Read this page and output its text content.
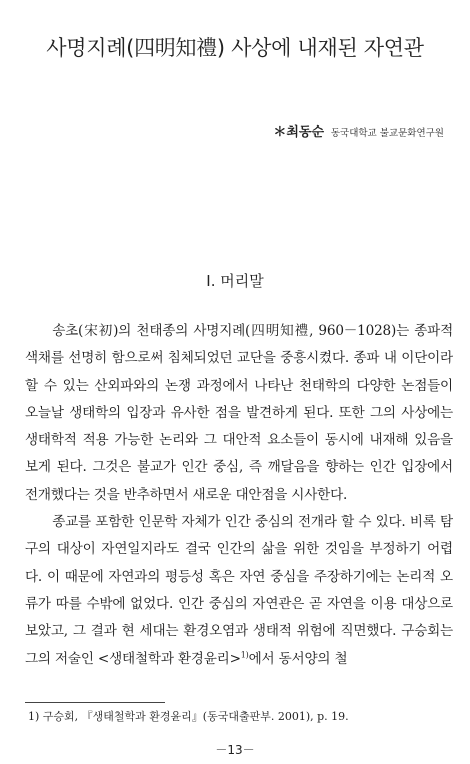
사명지례(四明知禮) 사상에 내재된 자연관
＊최동순 동국대학교 불교문화연구원
I. 머리말

송초(宋初)의 천태종의 사명지례(四明知禮, 960－1028)는 종파적 색채를 선명히 함으로써 침체되었던 교단을 중흥시켰다. 종파 내 이단이라 할 수 있는 산외파와의 논쟁 과정에서 나타난 천태학의 다양한 논점들이 오늘날 생태학의 입장과 유사한 점을 발견하게 된다. 또한 그의 사상에는 생태학적 적용 가능한 논리와 그 대안적 요소들이 동시에 내재해 있음을 보게 된다. 그것은 불교가 인간 중심, 즉 깨달음을 향하는 인간 입장에서 전개했다는 것을 반추하면서 새로운 대안점을 시사한다.

종교를 포함한 인문학 자체가 인간 중심의 전개라 할 수 있다. 비록 탐구의 대상이 자연일지라도 결국 인간의 삶을 위한 것임을 부정하기 어렵다. 이 때문에 자연과의 평등성 혹은 자연 중심을 주장하기에는 논리적 오류가 따를 수밖에 없었다. 인간 중심의 자연관은 곧 자연을 이용 대상으로 보았고, 그 결과 현 세대는 환경오염과 생태적 위험에 직면했다. 구승회는 그의 저술인 <생태철학과 환경윤리>$^{1)}$에서 동서양의 철

1) 구승회, 『생태철학과 환경윤리』(동국대출판부. 2001), p. 19.
－13－
